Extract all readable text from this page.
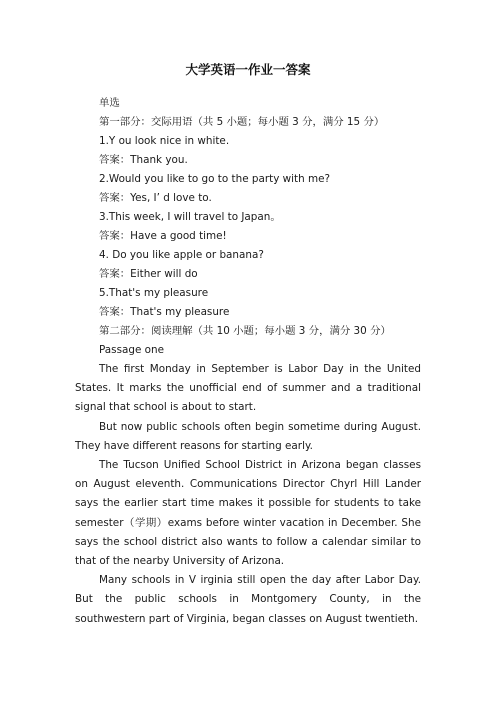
大学英语一作业一答案
单选
第一部分：交际用语（共 5 小题；每小题 3 分，满分 15 分）
1.Y ou look nice in white.
答案：Thank you.
2.Would you like to go to the party with me?
答案：Yes, I’ d love to.
3.This week, I will travel to Japan。
答案：Have a good time!
4. Do you like apple or banana?
答案：Either will do
5.That's my pleasure
答案：That's my pleasure
第二部分：阅读理解（共 10 小题；每小题 3 分，满分 30 分）
Passage one

The first Monday in September is Labor Day in the United States. It marks the unofficial end of summer and a traditional signal that school is about to start.

But now public schools often begin sometime during August. They have different reasons for starting early.

The Tucson Unified School District in Arizona began classes on August eleventh. Communications Director Chyrl Hill Lander says the earlier start time makes it possible for students to take semester（学期）exams before winter vacation in December. She says the school district also wants to follow a calendar similar to that of the nearby University of Arizona.

Many schools in V irginia still open the day after Labor Day. But the public schools in Montgomery County, in the southwestern part of Virginia, began classes on August twentieth.
